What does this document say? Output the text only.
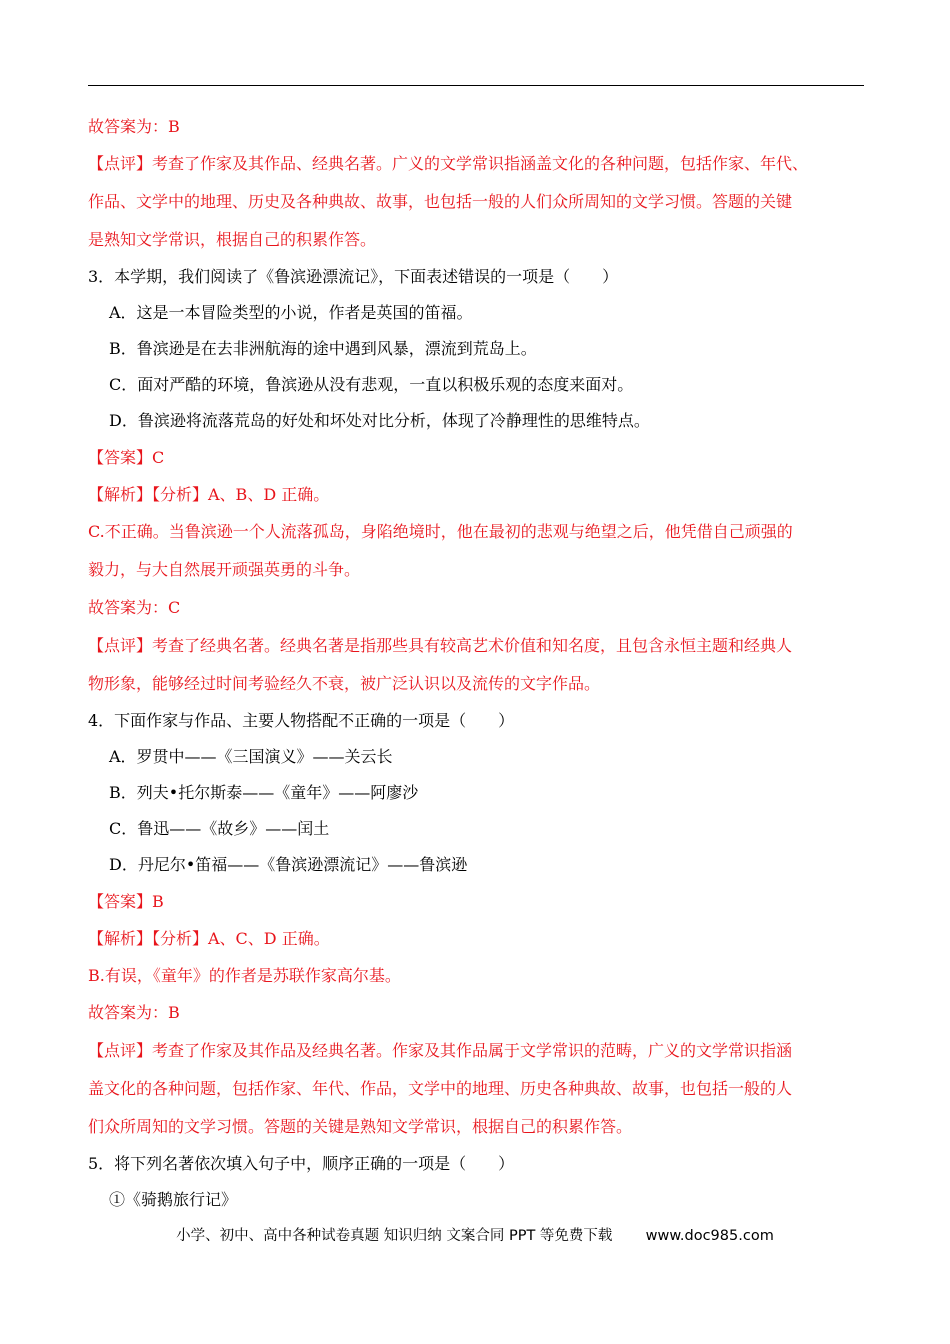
故答案为：B
【点评】考查了作家及其作品、经典名著。广义的文学常识指涵盖文化的各种问题，包括作家、年代、
作品、文学中的地理、历史及各种典故、故事，也包括一般的人们众所周知的文学习惯。答题的关键
是熟知文学常识，根据自己的积累作答。
3．本学期，我们阅读了《鲁滨逊漂流记》，下面表述错误的一项是（　　）
A．这是一本冒险类型的小说，作者是英国的笛福。
B．鲁滨逊是在去非洲航海的途中遇到风暴，漂流到荒岛上。
C．面对严酷的环境，鲁滨逊从没有悲观，一直以积极乐观的态度来面对。
D．鲁滨逊将流落荒岛的好处和坏处对比分析，体现了冷静理性的思维特点。
【答案】C
【解析】【分析】A、B、D 正确。
C.不正确。当鲁滨逊一个人流落孤岛，身陷绝境时，他在最初的悲观与绝望之后，他凭借自己顽强的
毅力，与大自然展开顽强英勇的斗争。
故答案为：C
【点评】考查了经典名著。经典名著是指那些具有较高艺术价值和知名度，且包含永恒主题和经典人
物形象，能够经过时间考验经久不衰，被广泛认识以及流传的文字作品。
4．下面作家与作品、主要人物搭配不正确的一项是（　　）
A．罗贯中——《三国演义》——关云长
B．列夫•托尔斯泰——《童年》——阿廖沙
C．鲁迅——《故乡》——闰土
D．丹尼尔•笛福——《鲁滨逊漂流记》——鲁滨逊
【答案】B
【解析】【分析】A、C、D 正确。
B.有误，《童年》的作者是苏联作家高尔基。
故答案为：B
【点评】考查了作家及其作品及经典名著。作家及其作品属于文学常识的范畴，广义的文学常识指涵
盖文化的各种问题，包括作家、年代、作品，文学中的地理、历史各种典故、故事，也包括一般的人
们众所周知的文学习惯。答题的关键是熟知文学常识，根据自己的积累作答。
5．将下列名著依次填入句子中，顺序正确的一项是（　　）
①《骑鹅旅行记》
小学、初中、高中各种试卷真题 知识归纳 文案合同 PPT 等免费下载 www.doc985.com
